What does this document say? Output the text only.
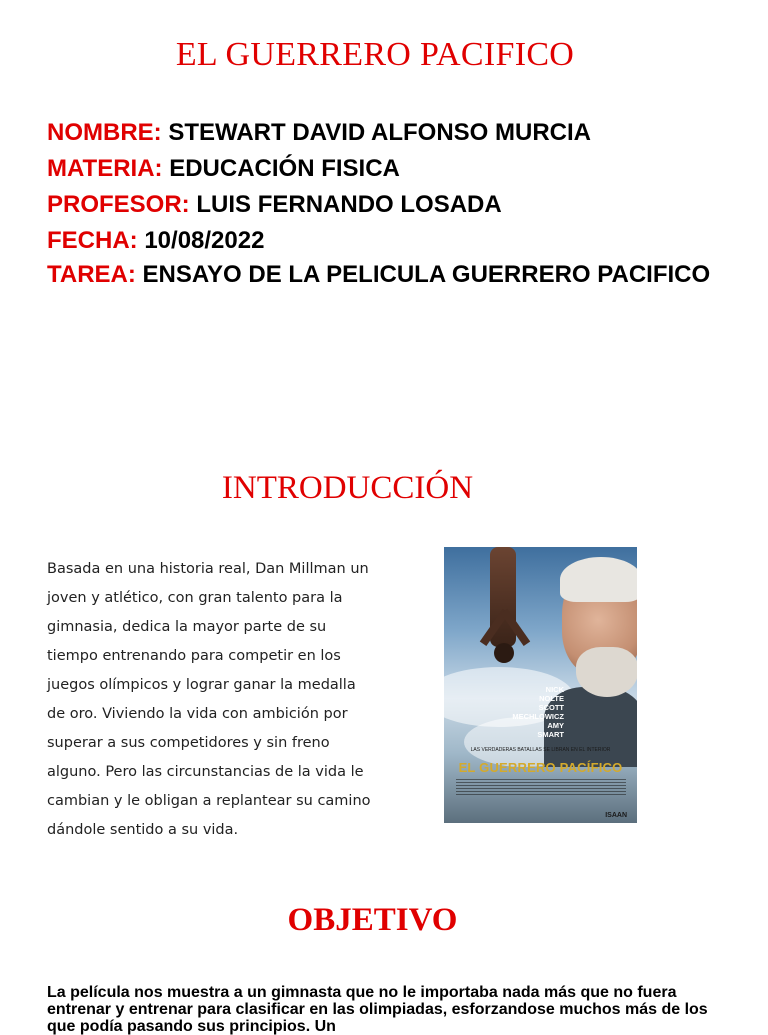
EL GUERRERO PACIFICO

NOMBRE: STEWART DAVID ALFONSO MURCIA

MATERIA: EDUCACIÓN FISICA

PROFESOR: LUIS FERNANDO LOSADA

FECHA: 10/08/2022

TAREA: ENSAYO DE LA PELICULA GUERRERO PACIFICO

INTRODUCCIÓN
Basada en una historia real, Dan Millman un joven y atlético, con gran talento para la gimnasia, dedica la mayor parte de su tiempo entrenando para competir en los juegos olímpicos y lograr ganar la medalla de oro. Viviendo la vida con ambición por superar a sus competidores y sin freno alguno. Pero las circunstancias de la vida le cambian y le obligan a replantear su camino dándole sentido a su vida.
NICK
NOLTE
SCOTT
MECHLOWICZ
AMY
SMART
LAS VERDADERAS BATALLAS SE LIBRAN EN EL INTERIOR
EL GUERRERO PACÍFICO
ISAAN
OBJETIVO
La película nos muestra a un gimnasta que no le importaba nada más que no fuera entrenar y entrenar para clasificar en las olimpiadas, esforzandose muchos más de los que podía pasando sus principios. Un
